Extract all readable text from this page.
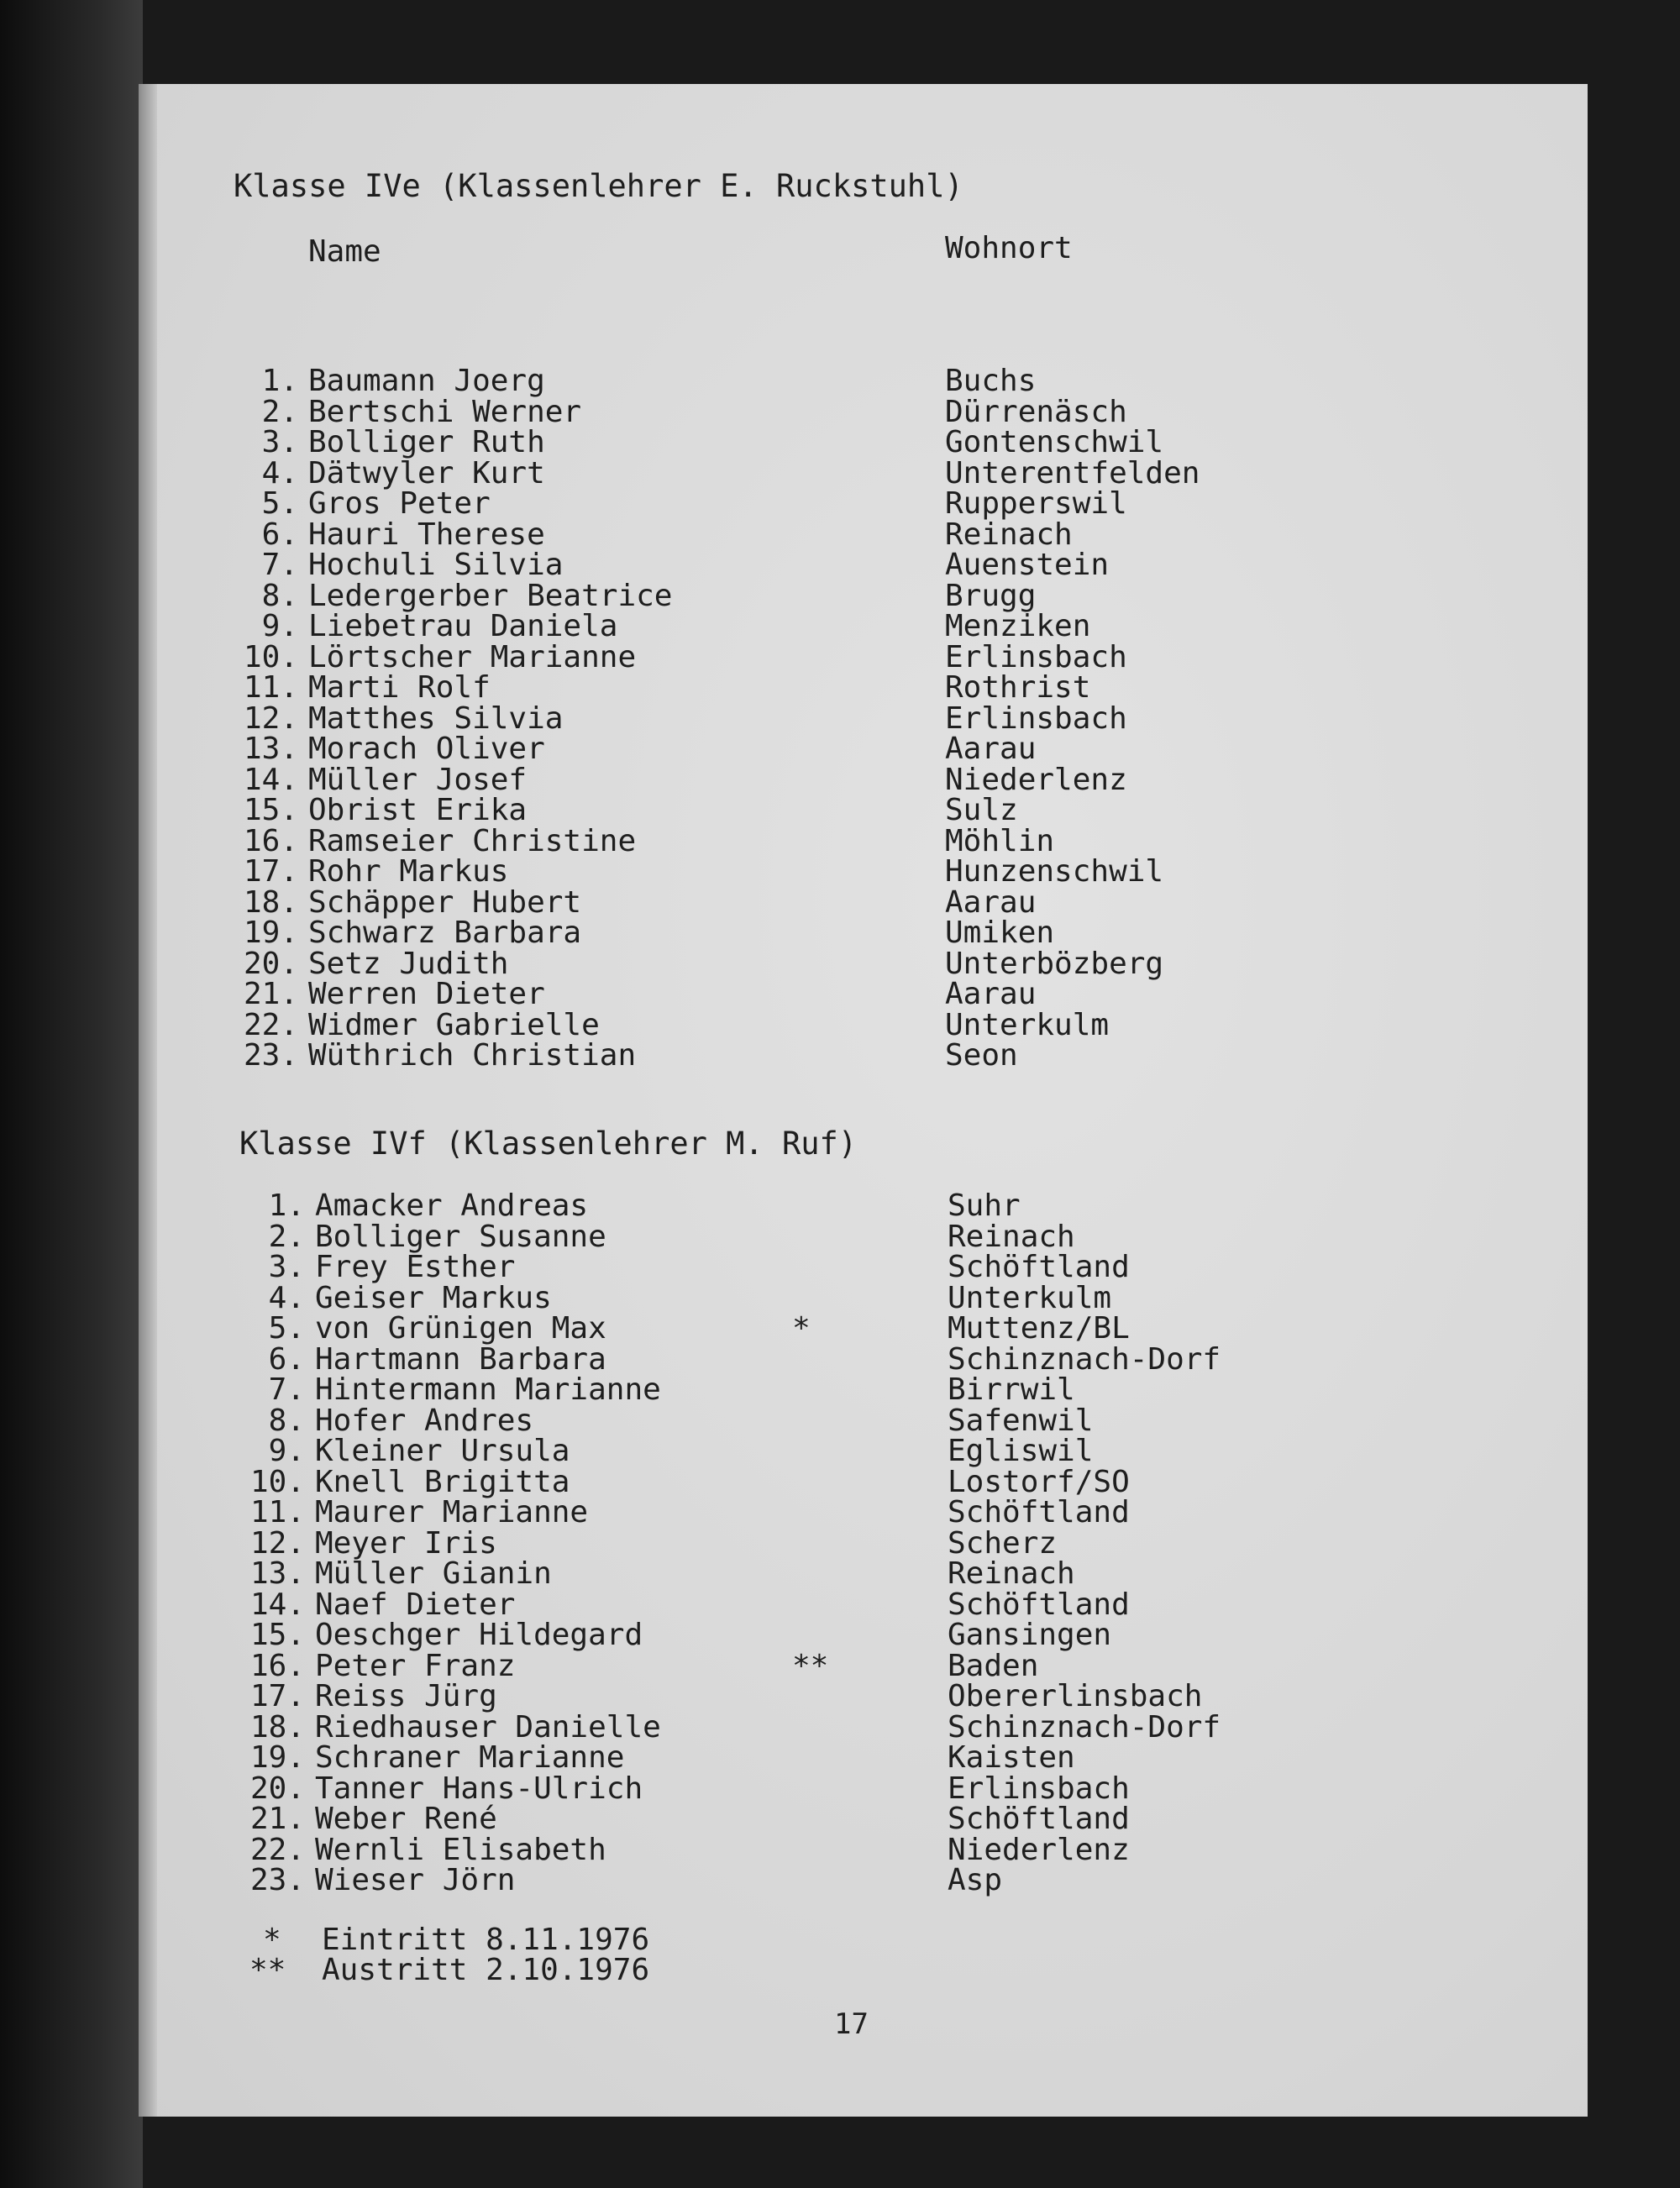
Klasse IVe (Klassenlehrer E. Ruckstuhl)
Name	Wohnort
1. Baumann Joerg	Buchs
2. Bertschi Werner	Dürrenäsch
3. Bolliger Ruth	Gontenschwil
4. Dätwyler Kurt	Unterentfelden
5. Gros Peter	Rupperswil
6. Hauri Therese	Reinach
7. Hochuli Silvia	Auenstein
8. Ledergerber Beatrice	Brugg
9. Liebetrau Daniela	Menziken
10. Lörtscher Marianne	Erlinsbach
11. Marti Rolf	Rothrist
12. Matthes Silvia	Erlinsbach
13. Morach Oliver	Aarau
14. Müller Josef	Niederlenz
15. Obrist Erika	Sulz
16. Ramseier Christine	Möhlin
17. Rohr Markus	Hunzenschwil
18. Schäpper Hubert	Aarau
19. Schwarz Barbara	Umiken
20. Setz Judith	Unterbözberg
21. Werren Dieter	Aarau
22. Widmer Gabrielle	Unterkulm
23. Wüthrich Christian	Seon
Klasse IVf (Klassenlehrer M. Ruf)
1. Amacker Andreas	Suhr
2. Bolliger Susanne	Reinach
3. Frey Esther	Schöftland
4. Geiser Markus	Unterkulm
5. von Grünigen Max	*	Muttenz/BL
6. Hartmann Barbara	Schinznach-Dorf
7. Hintermann Marianne	Birrwil
8. Hofer Andres	Safenwil
9. Kleiner Ursula	Egliswil
10. Knell Brigitta	Lostorf/SO
11. Maurer Marianne	Schöftland
12. Meyer Iris	Scherz
13. Müller Gianin	Reinach
14. Naef Dieter	Schöftland
15. Oeschger Hildegard	Gansingen
16. Peter Franz	**	Baden
17. Reiss Jürg	Obererlinsbach
18. Riedhauser Danielle	Schinznach-Dorf
19. Schraner Marianne	Kaisten
20. Tanner Hans-Ulrich	Erlinsbach
21. Weber René	Schöftland
22. Wernli Elisabeth	Niederlenz
23. Wieser Jörn	Asp
* Eintritt 8.11.1976
** Austritt 2.10.1976
17
